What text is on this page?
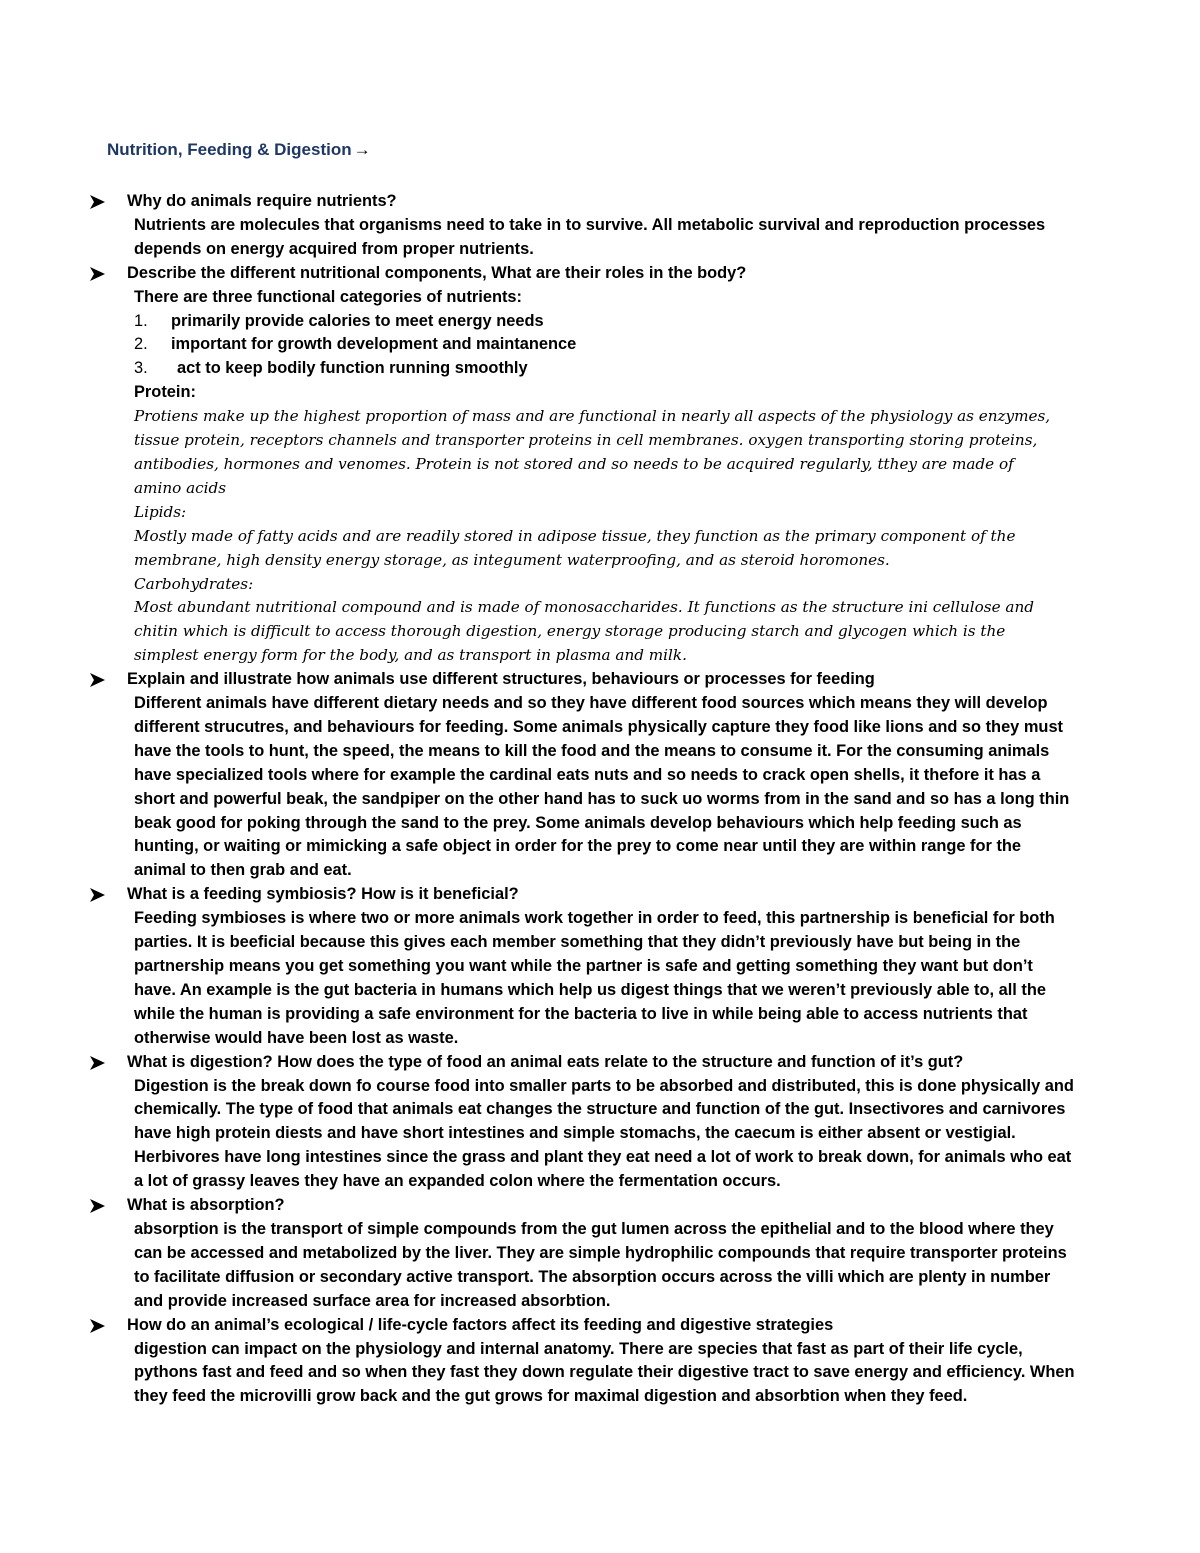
Nutrition, Feeding & Digestion →
Why do animals require nutrients?
Nutrients are molecules that organisms need to take in to survive. All metabolic survival and reproduction processes
depends on energy acquired from proper nutrients.
Describe the different nutritional components, What are their roles in the body?
There are three functional categories of nutrients:
1.	primarily provide calories to meet energy needs
2.	important for growth development and maintanence
3.	act to keep bodily function running smoothly
Protein:
Protiens make up the highest proportion of mass and are functional in nearly all aspects of the physiology as enzymes,
tissue protein, receptors channels and transporter proteins in cell membranes. oxygen transporting storing proteins,
antibodies, hormones and venomes. Protein is not stored and so needs to be acquired regularly, tthey are made of
amino acids
Lipids:
Mostly made of fatty acids and are readily stored in adipose tissue, they function as the primary component of the
membrane, high density energy storage, as integument waterproofing, and as steroid horomones.
Carbohydrates:
Most abundant nutritional compound and is made of monosaccharides. It functions as the structure ini cellulose and
chitin which is difficult to access thorough digestion, energy storage producing starch and glycogen which is the
simplest energy form for the body, and as transport in plasma and milk.
Explain and illustrate how animals use different structures, behaviours or processes for feeding
Different animals have different dietary needs and so they have different food sources which means they will develop
different strucutres, and behaviours for feeding. Some animals physically capture they food like lions and so they must
have the tools to hunt, the speed, the means to kill the food and the means to consume it. For the consuming animals
have specialized tools where for example the cardinal eats nuts and so needs to crack open shells, it thefore it has a
short and powerful beak, the sandpiper on the other hand has to suck uo worms from in the sand and so has a long thin
beak good for poking through the sand to the prey. Some animals develop behaviours which help feeding such as
hunting, or waiting or mimicking a safe object in order for the prey to come near until they are within range for the
animal to then grab and eat.
What is a feeding symbiosis? How is it beneficial?
Feeding symbioses is where two or more animals work together in order to feed, this partnership is beneficial for both
parties. It is beeficial because this gives each member something that they didn’t previously have but being in the
partnership means you get something you want while the partner is safe and getting something they want but don’t
have. An example is the gut bacteria in humans which help us digest things that we weren’t previously able to, all the
while the human is providing a safe environment for the bacteria to live in while being able to access nutrients that
otherwise would have been lost as waste.
What is digestion? How does the type of food an animal eats relate to the structure and function of it’s gut?
Digestion is the break down fo course food into smaller parts to be absorbed and distributed, this is done physically and
chemically. The type of food that animals eat changes the structure and function of the gut. Insectivores and carnivores
have high protein diests and have short intestines and simple stomachs, the caecum is either absent or vestigial.
Herbivores have long intestines since the grass and plant they eat need a lot of work to break down, for animals who eat
a lot of grassy leaves they have an expanded colon where the fermentation occurs.
What is absorption?
absorption is the transport of simple compounds from the gut lumen across the epithelial and to the blood where they
can be accessed and metabolized by the liver. They are simple hydrophilic compounds that require transporter proteins
to facilitate diffusion or secondary active transport. The absorption occurs across the villi which are plenty in number
and provide increased surface area for increased absorbtion.
How do an animal’s ecological / life-cycle factors affect its feeding and digestive strategies
digestion can impact on the physiology and internal anatomy. There are species that fast as part of their life cycle,
pythons fast and feed and so when they fast they down regulate their digestive tract to save energy and efficiency. When
they feed the microvilli grow back and the gut grows for maximal digestion and absorbtion when they feed.
